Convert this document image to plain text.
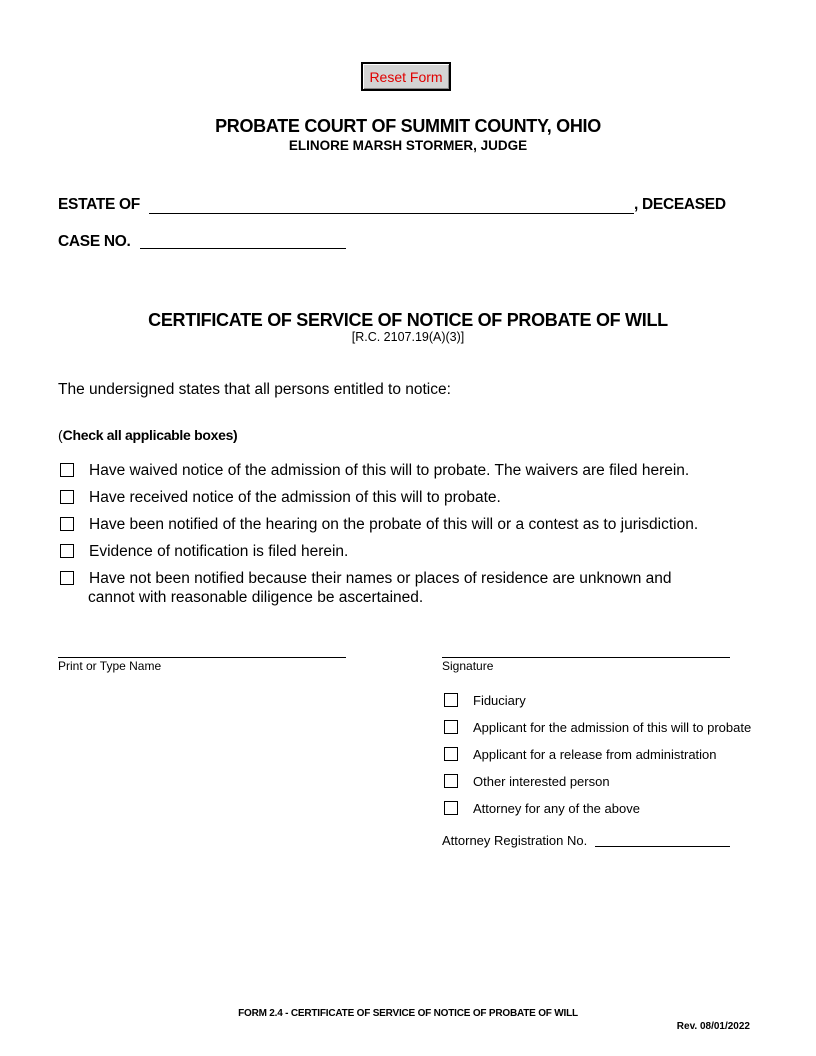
Reset Form
PROBATE COURT OF SUMMIT COUNTY, OHIO
ELINORE MARSH STORMER, JUDGE
ESTATE OF	, DECEASED
CASE NO.
CERTIFICATE OF SERVICE OF NOTICE OF PROBATE OF WILL
[R.C. 2107.19(A)(3)]
The undersigned states that all persons entitled to notice:
(Check all applicable boxes)
Have waived notice of the admission of this will to probate. The waivers are filed herein.
Have received notice of the admission of this will to probate.
Have been notified of the hearing on the probate of this will or a contest as to jurisdiction.
Evidence of notification is filed herein.
Have not been notified because their names or places of residence are unknown and
cannot with reasonable diligence be ascertained.
Print or Type Name	Signature
Fiduciary
Applicant for the admission of this will to probate
Applicant for a release from administration
Other interested person
Attorney for any of the above
Attorney Registration No.
FORM 2.4 - CERTIFICATE OF SERVICE OF NOTICE OF PROBATE OF WILL
Rev. 08/01/2022
